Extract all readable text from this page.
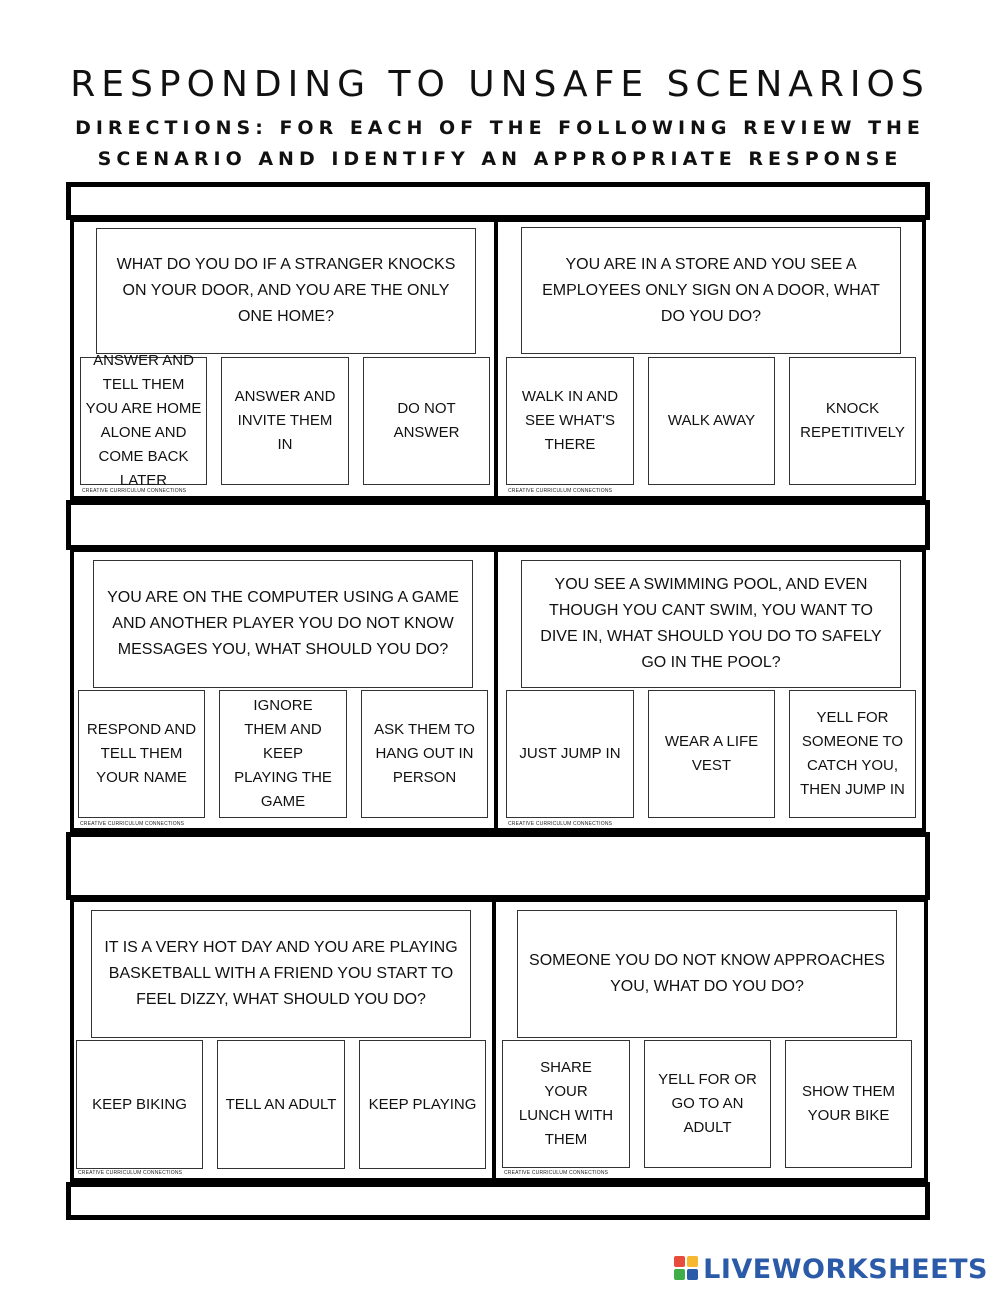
RESPONDING TO UNSAFE SCENARIOS

DIRECTIONS: FOR EACH OF THE FOLLOWING REVIEW THE

SCENARIO AND IDENTIFY AN APPROPRIATE RESPONSE

WHAT DO YOU DO IF A STRANGER KNOCKS ON YOUR DOOR, AND YOU ARE THE ONLY ONE HOME?
ANSWER AND TELL THEM YOU ARE HOME ALONE AND COME BACK LATER
ANSWER AND INVITE THEM IN
DO NOT ANSWER
CREATIVE CURRICULUM CONNECTIONS
YOU ARE IN A STORE AND YOU SEE A EMPLOYEES ONLY SIGN ON A DOOR, WHAT DO YOU DO?
WALK IN AND SEE WHAT'S THERE
WALK AWAY
KNOCK REPETITIVELY
CREATIVE CURRICULUM CONNECTIONS
YOU ARE ON THE COMPUTER USING A GAME AND ANOTHER PLAYER YOU DO NOT KNOW MESSAGES YOU, WHAT SHOULD YOU DO?
RESPOND AND TELL THEM YOUR NAME
IGNORE THEM AND KEEP PLAYING THE GAME
ASK THEM TO HANG OUT IN PERSON
CREATIVE CURRICULUM CONNECTIONS
YOU SEE A SWIMMING POOL, AND EVEN THOUGH YOU CANT SWIM, YOU WANT TO DIVE IN, WHAT SHOULD YOU DO TO SAFELY GO IN THE POOL?
JUST JUMP IN
WEAR A LIFE VEST
YELL FOR SOMEONE TO CATCH YOU, THEN JUMP IN
CREATIVE CURRICULUM CONNECTIONS
IT IS A VERY HOT DAY AND YOU ARE PLAYING BASKETBALL WITH A FRIEND YOU START TO FEEL DIZZY, WHAT SHOULD YOU DO?
KEEP BIKING	TELL AN ADULT KEEP PLAYING
CREATIVE CURRICULUM CONNECTIONS
SOMEONE YOU DO NOT KNOW APPROACHES YOU, WHAT DO YOU DO?
SHARE YOUR LUNCH WITH THEM
YELL FOR OR GO TO AN ADULT
SHOW THEM YOUR BIKE
CREATIVE CURRICULUM CONNECTIONS
LIVEWORKSHEETS
